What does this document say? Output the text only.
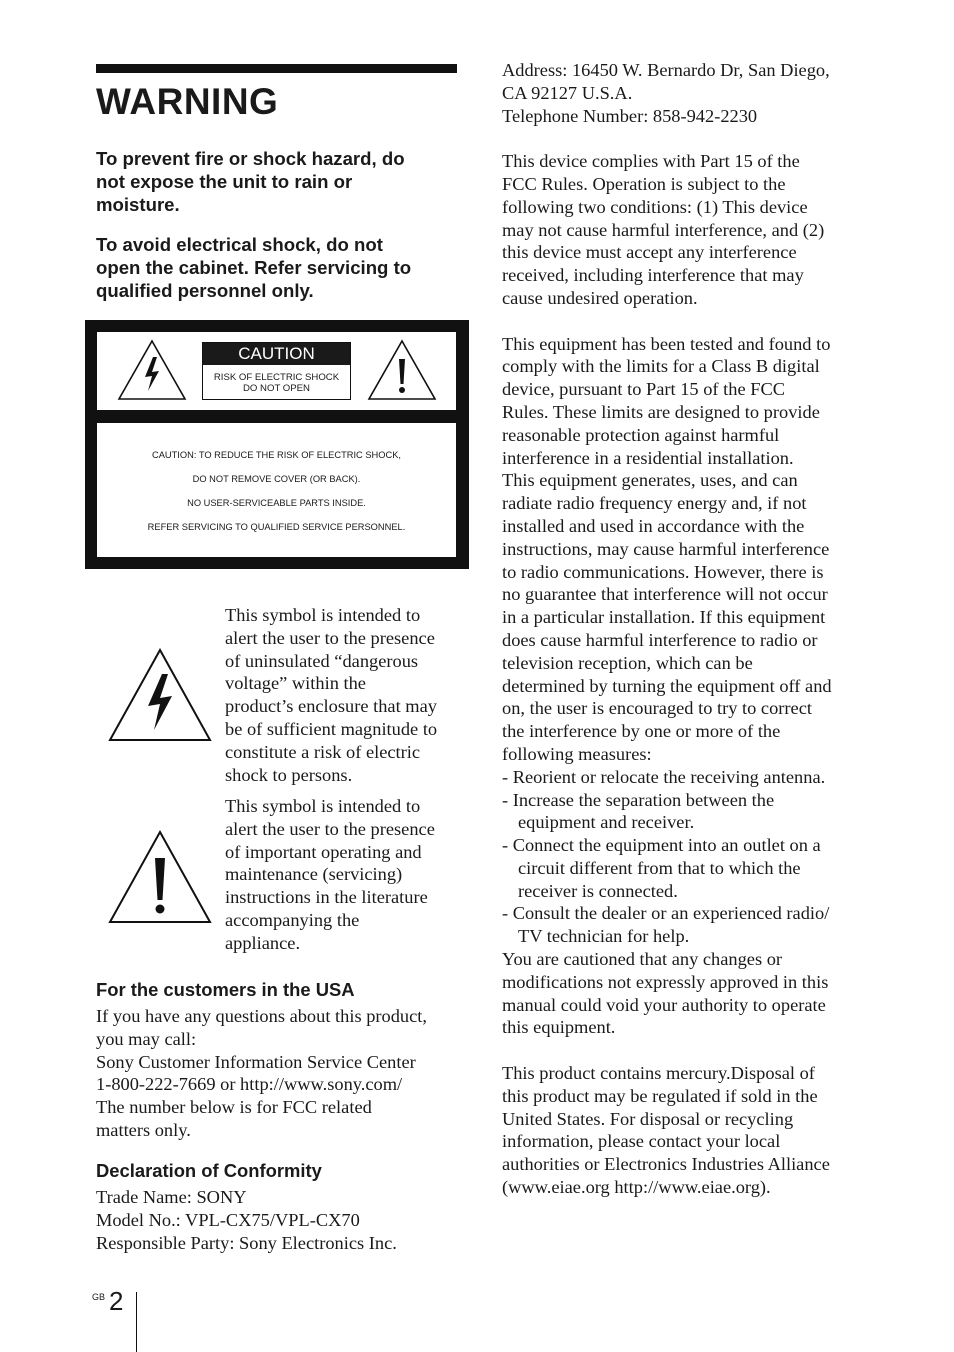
WARNING
To prevent fire or shock hazard, do
not expose the unit to rain or
moisture.
To avoid electrical shock, do not
open the cabinet. Refer servicing to
qualified personnel only.
CAUTION
RISK OF ELECTRIC SHOCK
DO NOT OPEN
CAUTION: TO REDUCE THE RISK OF ELECTRIC SHOCK,
DO NOT REMOVE COVER (OR BACK).
NO USER-SERVICEABLE PARTS INSIDE.
REFER SERVICING TO QUALIFIED SERVICE PERSONNEL.
This symbol is intended to
alert the user to the presence
of uninsulated “dangerous
voltage” within the
product’s enclosure that may
be of sufficient magnitude to
constitute a risk of electric
shock to persons.
This symbol is intended to
alert the user to the presence
of important operating and
maintenance (servicing)
instructions in the literature
accompanying the
appliance.
For the customers in the USA
If you have any questions about this product,
you may call:
Sony Customer Information Service Center
1-800-222-7669 or http://www.sony.com/
The number below is for FCC related
matters only.
Declaration of Conformity
Trade Name: SONY
Model No.: VPL-CX75/VPL-CX70
Responsible Party: Sony Electronics Inc.
Address: 16450 W. Bernardo Dr, San Diego,
CA 92127 U.S.A.
Telephone Number: 858-942-2230
This device complies with Part 15 of the
FCC Rules. Operation is subject to the
following two conditions: (1) This device
may not cause harmful interference, and (2)
this device must accept any interference
received, including interference that may
cause undesired operation.
This equipment has been tested and found to
comply with the limits for a Class B digital
device, pursuant to Part 15 of the FCC
Rules. These limits are designed to provide
reasonable protection against harmful
interference in a residential installation.
This equipment generates, uses, and can
radiate radio frequency energy and, if not
installed and used in accordance with the
instructions, may cause harmful interference
to radio communications. However, there is
no guarantee that interference will not occur
in a particular installation. If this equipment
does cause harmful interference to radio or
television reception, which can be
determined by turning the equipment off and
on, the user is encouraged to try to correct
the interference by one or more of the
following measures:
- Reorient or relocate the receiving antenna.
- Increase the separation between the
equipment and receiver.
- Connect the equipment into an outlet on a
circuit different from that to which the
receiver is connected.
- Consult the dealer or an experienced radio/
TV technician for help.
You are cautioned that any changes or
modifications not expressly approved in this
manual could void your authority to operate
this equipment.
This product contains mercury.Disposal of
this product may be regulated if sold in the
United States. For disposal or recycling
information, please contact your local
authorities or Electronics Industries Alliance
(www.eiae.org http://www.eiae.org).
GB 2
